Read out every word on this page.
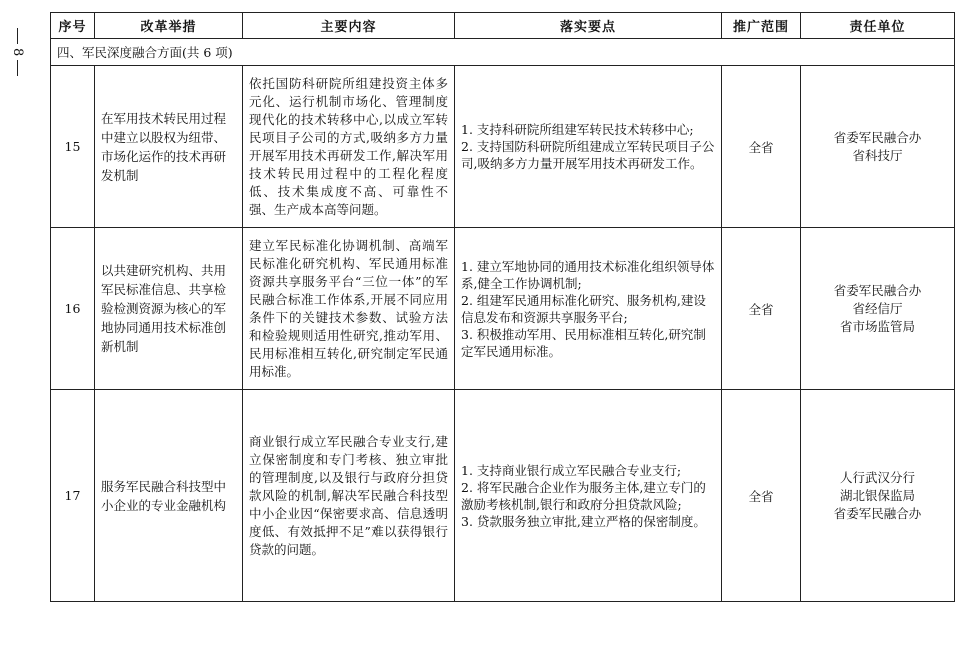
8
序号	改革举措	主要内容	落实要点	推广范围	责任单位
四、军民深度融合方面(共 6 项)					
15	在军用技术转民用过程中建立以股权为纽带、市场化运作的技术再研发机制	依托国防科研院所组建投资主体多元化、运行机制市场化、管理制度现代化的技术转移中心,以成立军转民项目子公司的方式,吸纳多方力量开展军用技术再研发工作,解决军用技术转民用过程中的工程化程度低、技术集成度不高、可靠性不强、生产成本高等问题。	1. 支持科研院所组建军转民技术转移中心;
2. 支持国防科研院所组建成立军转民项目子公司,吸纳多方力量开展军用技术再研发工作。	全省	省委军民融合办
省科技厅

16	以共建研究机构、共用军民标准信息、共享检验检测资源为核心的军地协同通用技术标准创新机制	建立军民标准化协调机制、高端军民标准化研究机构、军民通用标准资源共享服务平台“三位一体”的军民融合标准工作体系,开展不同应用条件下的关键技术参数、试验方法和检验规则适用性研究,推动军用、民用标准相互转化,研究制定军民通用标准。	1. 建立军地协同的通用技术标准化组织领导体系,健全工作协调机制;
2. 组建军民通用标准化研究、服务机构,建设信息发布和资源共享服务平台;
3. 积极推动军用、民用标准相互转化,研究制定军民通用标准。	全省	省委军民融合办
省经信厅
省市场监管局

17	服务军民融合科技型中小企业的专业金融机构	商业银行成立军民融合专业支行,建立保密制度和专门考核、独立审批的管理制度,以及银行与政府分担贷款风险的机制,解决军民融合科技型中小企业因“保密要求高、信息透明度低、有效抵押不足”难以获得银行贷款的问题。	1. 支持商业银行成立军民融合专业支行;
2. 将军民融合企业作为服务主体,建立专门的激励考核机制,银行和政府分担贷款风险;
3. 贷款服务独立审批,建立严格的保密制度。	全省	人行武汉分行
湖北银保监局
省委军民融合办
